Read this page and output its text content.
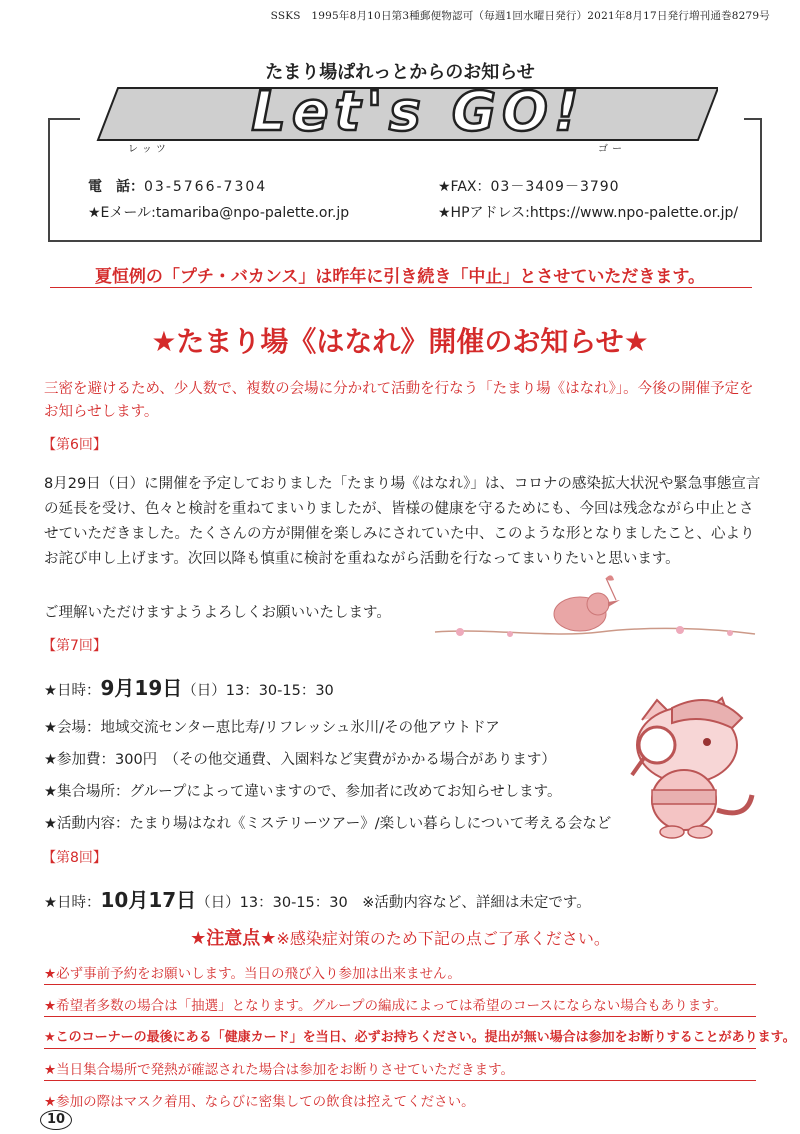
SSKS　1995年8月10日第3種郵便物認可（毎週1回水曜日発行）2021年8月17日発行増刊通巻8279号
たまり場ぱれっとからのお知らせ
Let's GO!
レッツ	ゴー
電　話：03-5766-7304	★FAX：03－3409－3790
★Eメール:tamariba@npo-palette.or.jp	★HPアドレス:https://www.npo-palette.or.jp/
夏恒例の「プチ・バカンス」は昨年に引き続き「中止」とさせていただきます。
★たまり場《はなれ》開催のお知らせ★
三密を避けるため、少人数で、複数の会場に分かれて活動を行なう「たまり場《はなれ》」。今後の開催予定をお知らせします。
【第6回】
8月29日（日）に開催を予定しておりました「たまり場《はなれ》」は、コロナの感染拡大状況や緊急事態宣言の延長を受け、色々と検討を重ねてまいりましたが、皆様の健康を守るためにも、今回は残念ながら中止とさせていただきました。たくさんの方が開催を楽しみにされていた中、このような形となりましたこと、心よりお詫び申し上げます。次回以降も慎重に検討を重ねながら活動を行なってまいりたいと思います。
ご理解いただけますようよろしくお願いいたします。
【第7回】
★日時：9月19日（日）13：30-15：30
★会場：地域交流センター恵比寿/リフレッシュ氷川/その他アウトドア
★参加費：300円　（その他交通費、入園料など実費がかかる場合があります）
★集合場所：グループによって違いますので、参加者に改めてお知らせします。
★活動内容：たまり場はなれ《ミステリーツアー》/楽しい暮らしについて考える会など
【第8回】
★日時：10月17日（日）13：30-15：30　※活動内容など、詳細は未定です。
★注意点★※感染症対策のため下記の点ご了承ください。
★必ず事前予約をお願いします。当日の飛び入り参加は出来ません。
★希望者多数の場合は「抽選」となります。グループの編成によっては希望のコースにならない場合もあります。
★このコーナーの最後にある「健康カード」を当日、必ずお持ちください。提出が無い場合は参加をお断りすることがあります。
★当日集合場所で発熱が確認された場合は参加をお断りさせていただきます。
★参加の際はマスク着用、ならびに密集しての飲食は控えてください。
10
